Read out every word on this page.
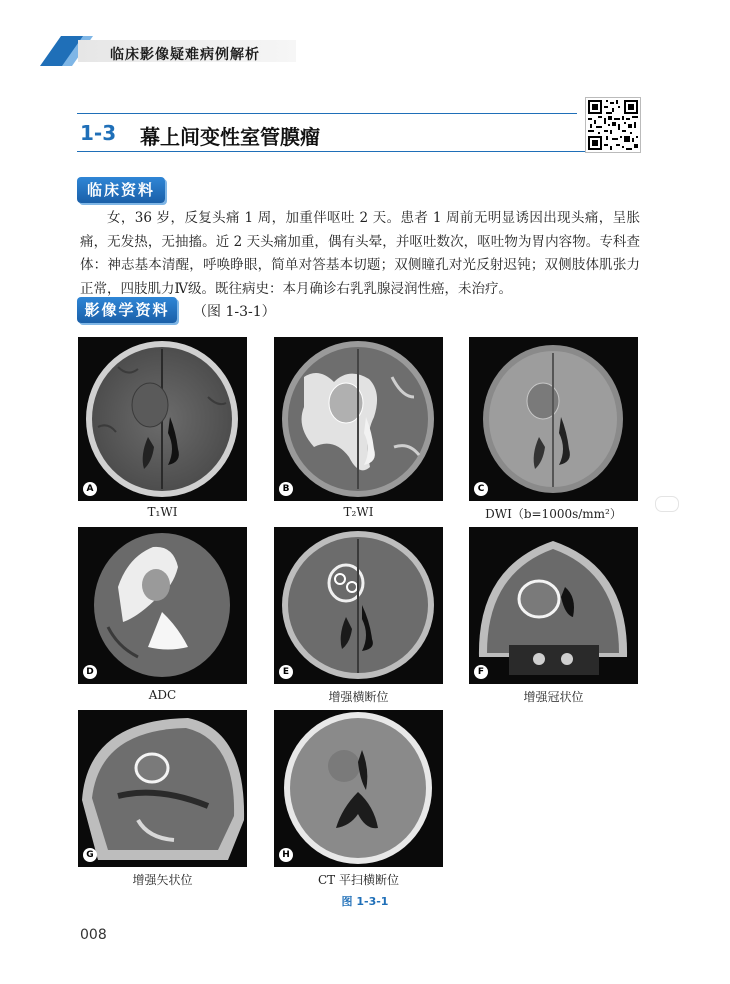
临床影像疑难病例解析
1-3 幕上间变性室管膜瘤
临床资料

女，36 岁，反复头痛 1 周，加重伴呕吐 2 天。患者 1 周前无明显诱因出现头痛，呈胀痛，无发热，无抽搐。近 2 天头痛加重，偶有头晕，并呕吐数次，呕吐物为胃内容物。专科查体：神志基本清醒，呼唤睁眼，简单对答基本切题；双侧瞳孔对光反射迟钝；双侧肢体肌张力正常，四肢肌力Ⅳ级。既往病史：本月确诊右乳乳腺浸润性癌，未治疗。

影像学资料	（图 1-3-1）
A
T₁WI
B
T₂WI
C
DWI（b=1000s/mm²）
D
ADC
E
增强横断位
F
增强冠状位
G
增强矢状位
H
CT 平扫横断位
图 1-3-1
008
